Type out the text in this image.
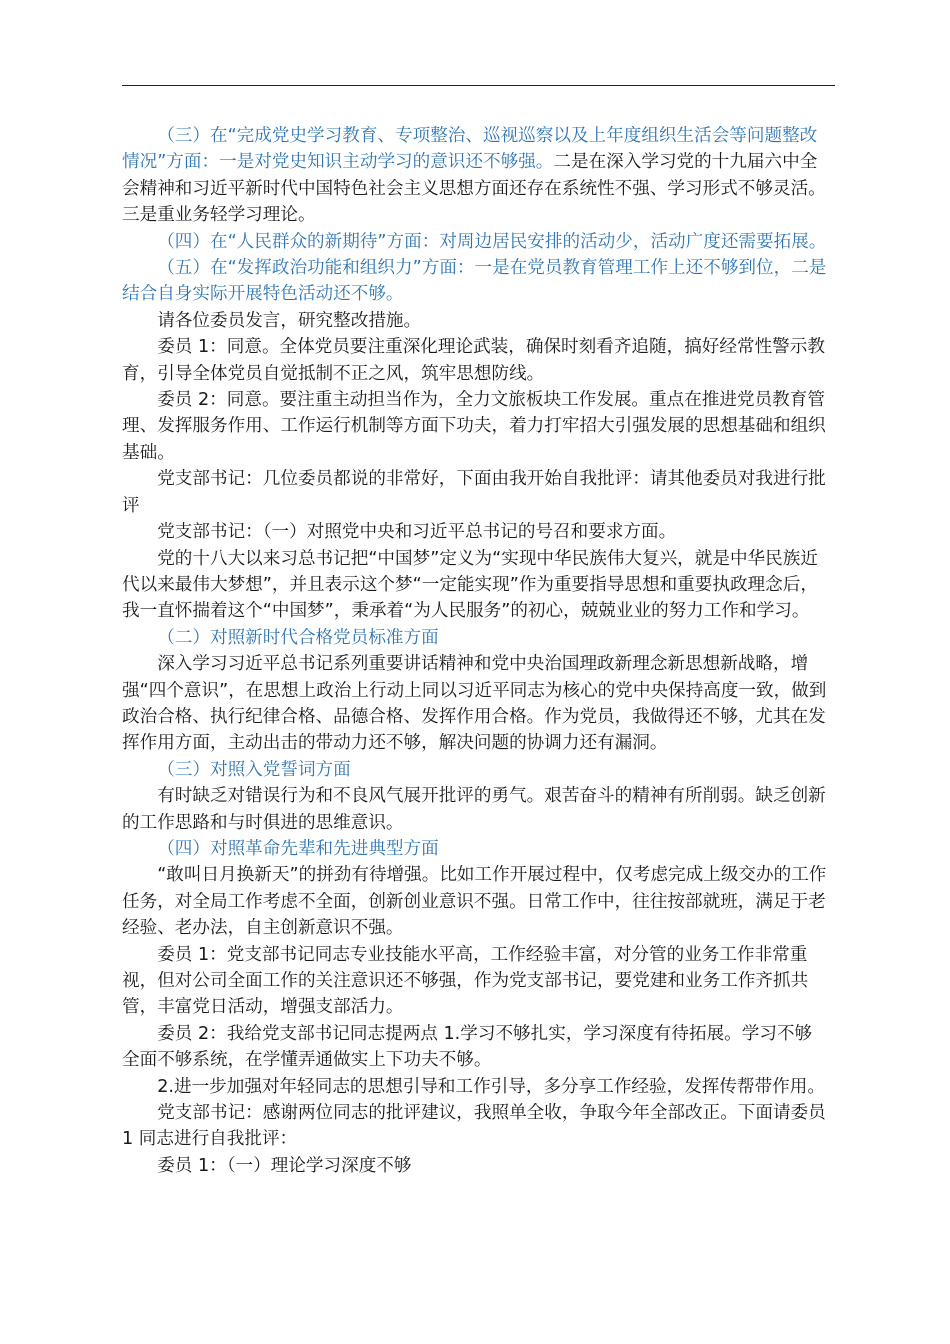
（三）在“完成党史学习教育、专项整治、巡视巡察以及上年度组织生活会等问题整改情况”方面：一是对党史知识主动学习的意识还不够强。二是在深入学习党的十九届六中全会精神和习近平新时代中国特色社会主义思想方面还存在系统性不强、学习形式不够灵活。三是重业务轻学习理论。

（四）在“人民群众的新期待”方面：对周边居民安排的活动少，活动广度还需要拓展。

（五）在“发挥政治功能和组织力”方面：一是在党员教育管理工作上还不够到位，二是结合自身实际开展特色活动还不够。

请各位委员发言，研究整改措施。

委员 1：同意。全体党员要注重深化理论武装，确保时刻看齐追随，搞好经常性警示教育，引导全体党员自觉抵制不正之风，筑牢思想防线。

委员 2：同意。要注重主动担当作为，全力文旅板块工作发展。重点在推进党员教育管理、发挥服务作用、工作运行机制等方面下功夫，着力打牢招大引强发展的思想基础和组织基础。

党支部书记：几位委员都说的非常好，下面由我开始自我批评：请其他委员对我进行批评

党支部书记：（一）对照党中央和习近平总书记的号召和要求方面。

党的十八大以来习总书记把“中国梦”定义为“实现中华民族伟大复兴，就是中华民族近代以来最伟大梦想”，并且表示这个梦“一定能实现”作为重要指导思想和重要执政理念后，我一直怀揣着这个“中国梦”，秉承着“为人民服务”的初心，兢兢业业的努力工作和学习。

（二）对照新时代合格党员标准方面

深入学习习近平总书记系列重要讲话精神和党中央治国理政新理念新思想新战略，增强“四个意识”，在思想上政治上行动上同以习近平同志为核心的党中央保持高度一致，做到政治合格、执行纪律合格、品德合格、发挥作用合格。作为党员，我做得还不够，尤其在发挥作用方面，主动出击的带动力还不够，解决问题的协调力还有漏洞。

（三）对照入党誓词方面

有时缺乏对错误行为和不良风气展开批评的勇气。艰苦奋斗的精神有所削弱。缺乏创新的工作思路和与时俱进的思维意识。

（四）对照革命先辈和先进典型方面

“敢叫日月换新天”的拼劲有待增强。比如工作开展过程中，仅考虑完成上级交办的工作任务，对全局工作考虑不全面，创新创业意识不强。日常工作中，往往按部就班，满足于老经验、老办法，自主创新意识不强。

委员 1：党支部书记同志专业技能水平高，工作经验丰富，对分管的业务工作非常重视，但对公司全面工作的关注意识还不够强，作为党支部书记，要党建和业务工作齐抓共管，丰富党日活动，增强支部活力。

委员 2：我给党支部书记同志提两点 1.学习不够扎实，学习深度有待拓展。学习不够全面不够系统，在学懂弄通做实上下功夫不够。

2.进一步加强对年轻同志的思想引导和工作引导，多分享工作经验，发挥传帮带作用。

党支部书记：感谢两位同志的批评建议，我照单全收，争取今年全部改正。下面请委员 1 同志进行自我批评：

委员 1：（一）理论学习深度不够
